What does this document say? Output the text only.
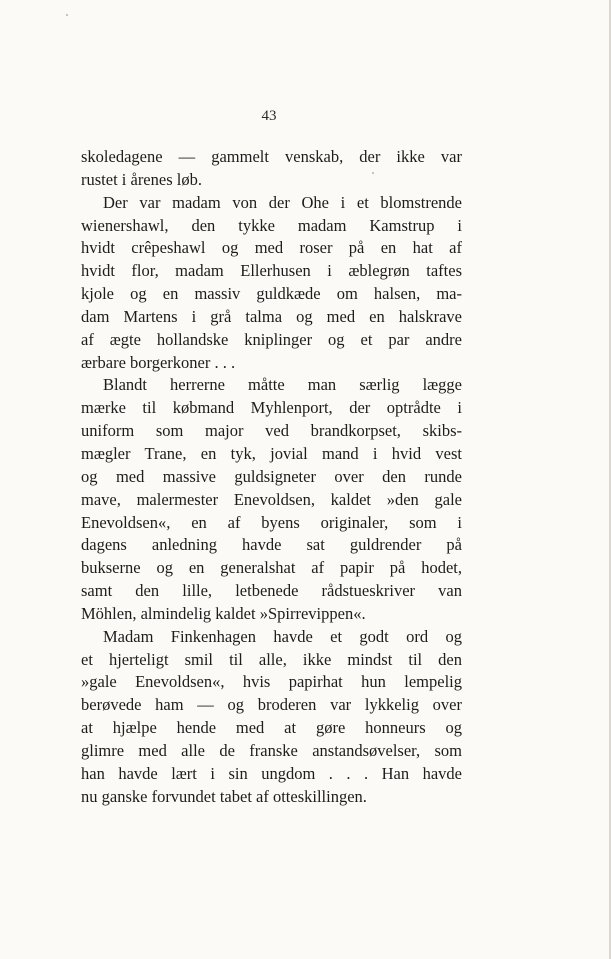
43
skoledagene — gammelt venskab, der ikke var
rustet i årenes løb.
Der var madam von der Ohe i et blomstrende
wienershawl, den tykke madam Kamstrup i
hvidt crêpeshawl og med roser på en hat af
hvidt flor, madam Ellerhusen i æblegrøn taftes
kjole og en massiv guldkæde om halsen, ma-
dam Martens i grå talma og med en halskrave
af ægte hollandske kniplinger og et par andre
ærbare borgerkoner . . .
Blandt herrerne måtte man særlig lægge
mærke til købmand Myhlenport, der optrådte i
uniform som major ved brandkorpset, skibs-
mægler Trane, en tyk, jovial mand i hvid vest
og med massive guldsigneter over den runde
mave, malermester Enevoldsen, kaldet »den gale
Enevoldsen«, en af byens originaler, som i
dagens anledning havde sat guldrender på
bukserne og en generalshat af papir på hodet,
samt den lille, letbenede rådstueskriver van
Möhlen, almindelig kaldet »Spirrevippen«.
Madam Finkenhagen havde et godt ord og
et hjerteligt smil til alle, ikke mindst til den
»gale Enevoldsen«, hvis papirhat hun lempelig
berøvede ham — og broderen var lykkelig over
at hjælpe hende med at gøre honneurs og
glimre med alle de franske anstandsøvelser, som
han havde lært i sin ungdom . . . Han havde
nu ganske forvundet tabet af otteskillingen.
